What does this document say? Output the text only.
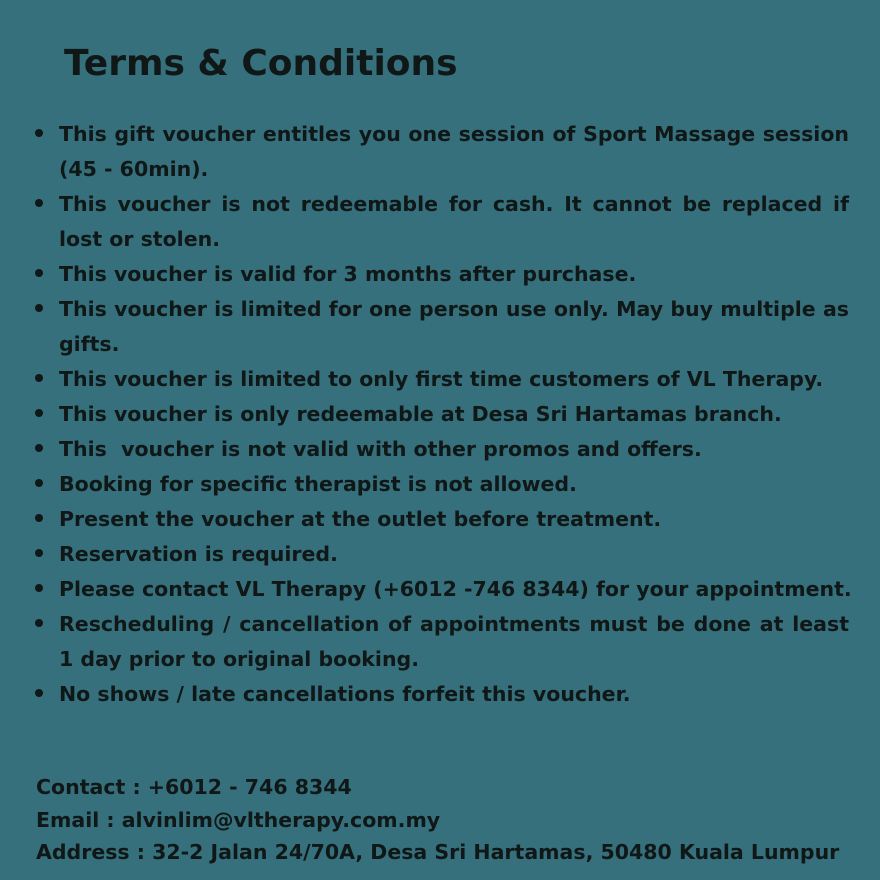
Terms & Conditions
This gift voucher entitles you one session of Sport Massage session (45 - 60min).
This voucher is not redeemable for cash. It cannot be replaced if lost or stolen.
This voucher is valid for 3 months after purchase.
This voucher is limited for one person use only. May buy multiple as gifts.
This voucher is limited to only first time customers of VL Therapy.
This voucher is only redeemable at Desa Sri Hartamas branch.
This  voucher is not valid with other promos and offers.
Booking for specific therapist is not allowed.
Present the voucher at the outlet before treatment.
Reservation is required.
Please contact VL Therapy (+6012 -746 8344) for your appointment.
Rescheduling / cancellation of appointments must be done at least 1 day prior to original booking.
No shows / late cancellations forfeit this voucher.
Contact : +6012 - 746 8344
Email : alvinlim@vltherapy.com.my
Address : 32-2 Jalan 24/70A, Desa Sri Hartamas, 50480 Kuala Lumpur
